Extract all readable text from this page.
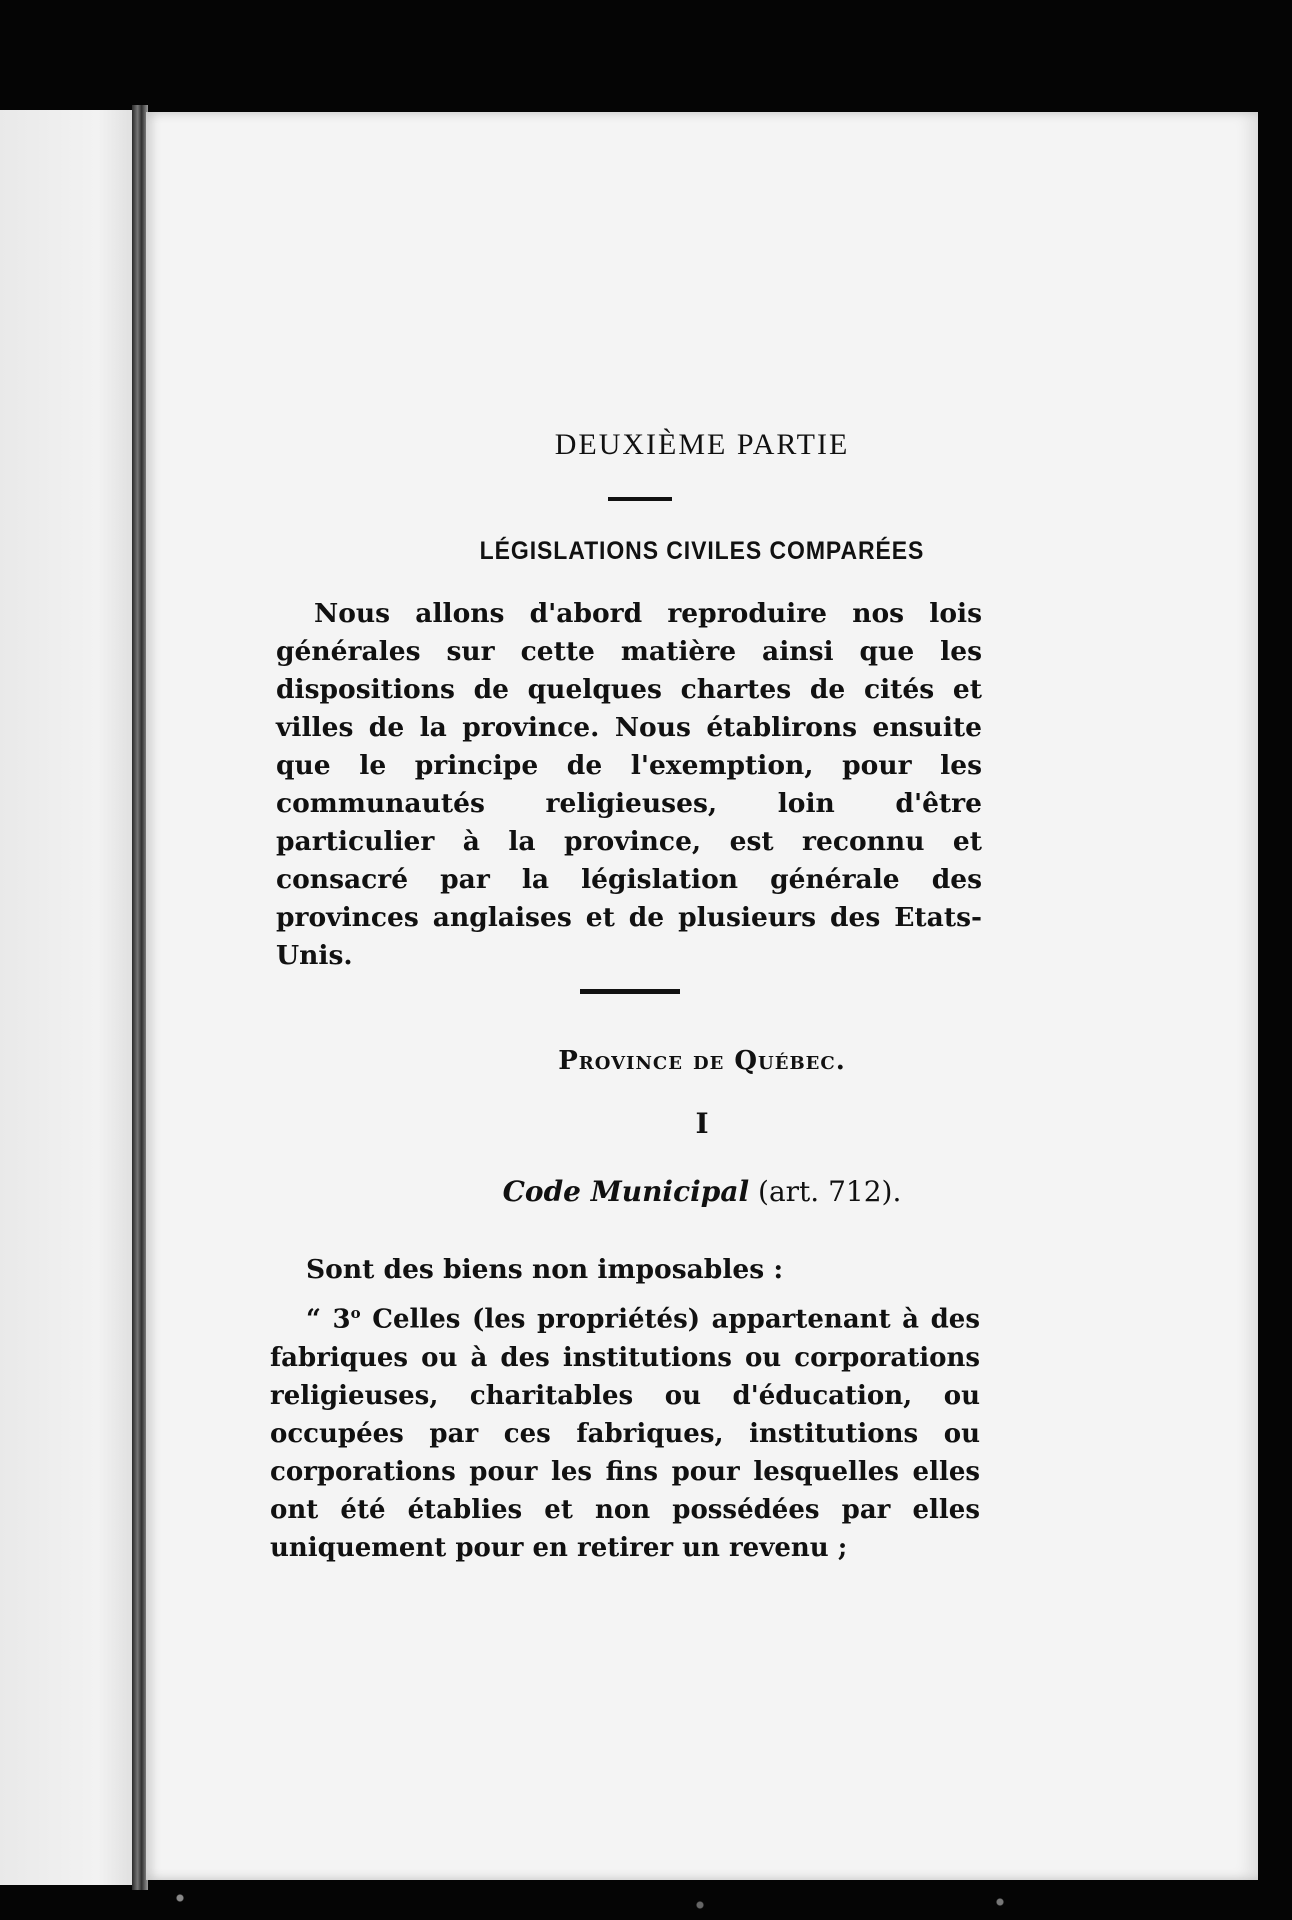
DEUXIÈME PARTIE
LÉGISLATIONS CIVILES COMPARÉES

Nous allons d'abord reproduire nos lois générales sur cette matière ainsi que les dispositions de quelques chartes de cités et villes de la province. Nous établirons ensuite que le principe de l'exemption, pour les communautés religieuses, loin d'être particulier à la province, est reconnu et consacré par la législation générale des provinces anglaises et de plusieurs des Etats-Unis.

Province de Québec.
I
Code Municipal (art. 712).

Sont des biens non imposables :

“ 3$^o$ Celles (les propriétés) appartenant à des fabriques ou à des institutions ou corporations religieuses, charitables ou d'éducation, ou occupées par ces fabriques, institutions ou corporations pour les fins pour lesquelles elles ont été établies et non possédées par elles uniquement pour en retirer un revenu ;
